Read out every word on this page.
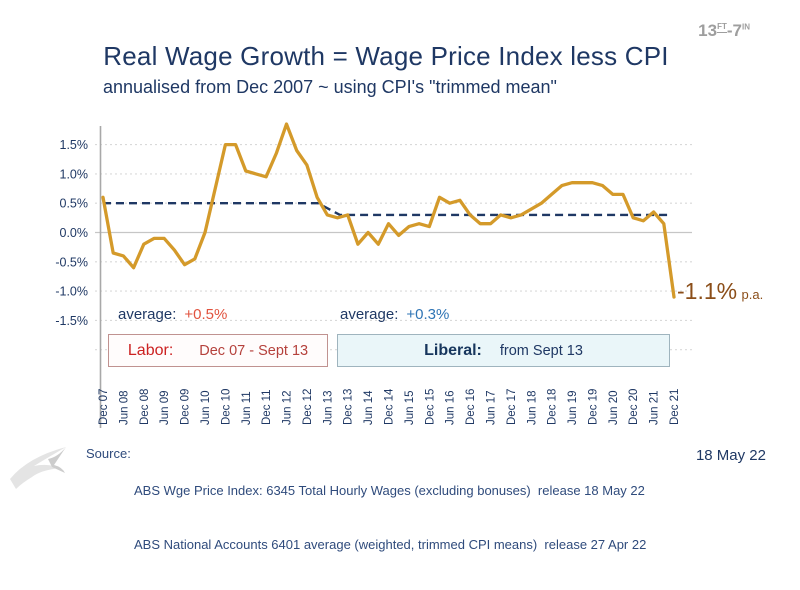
Real Wage Growth = Wage Price Index less CPI
annualised from Dec 2007 ~ using CPI's "trimmed mean"
$13^{FT}-7^{IN}$
1.5%
1.0%
0.5%
0.0%
-0.5%
-1.0%
-1.5%
Dec 07 Jun 08 Dec 08 Jun 09 Dec 09 Jun 10 Dec 10 Jun 11 Dec 11 Jun 12 Dec 12 Jun 13 Dec 13 Jun 14 Dec 14 Jun 15 Dec 15 Jun 16 Dec 16 Jun 17 Dec 17 Jun 18 Dec 18 Jun 19 Dec 19 Jun 20 Dec 20 Jun 21 Dec 21
average: +0.5%	average: +0.3%
-1.1% p.a.
Labor: Dec 07 - Sept 13	Liberal: from Sept 13
Source:

ABS Wge Price Index: 6345 Total Hourly Wages (excluding bonuses)  release 18 May 22

ABS National Accounts 6401 average (weighted, trimmed CPI means)  release 27 Apr 22

18 May 22
